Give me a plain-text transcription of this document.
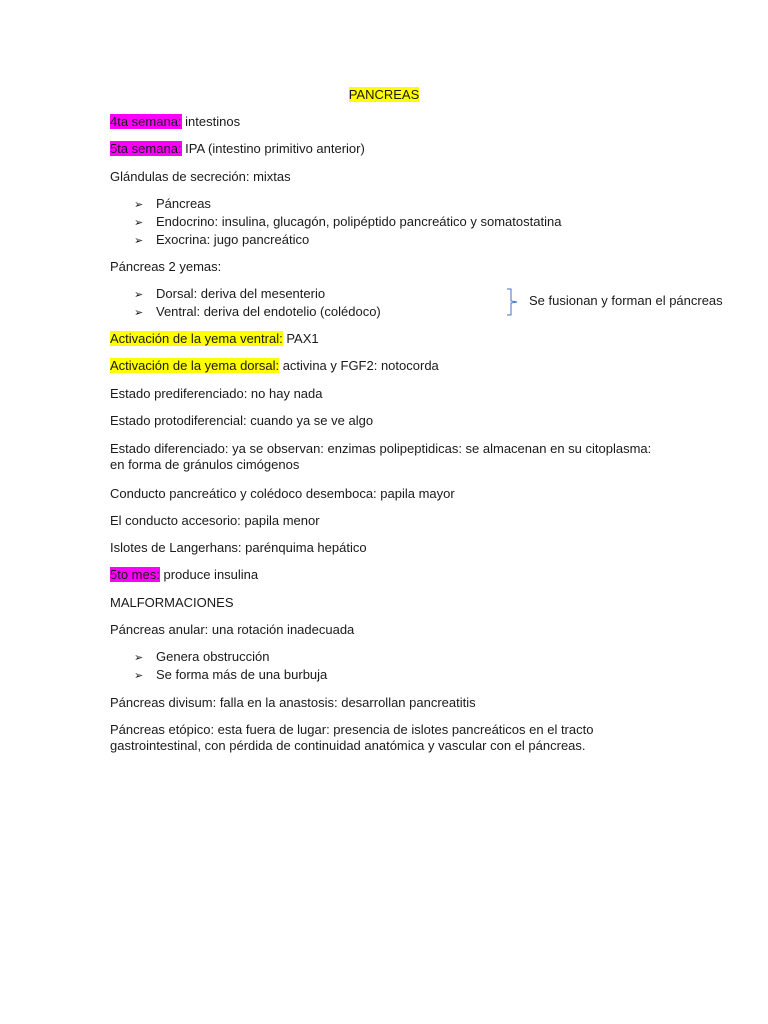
PANCREAS
4ta semana: intestinos
5ta semana: IPA (intestino primitivo anterior)
Glándulas de secreción: mixtas
➢ Páncreas
➢ Endocrino: insulina, glucagón, polipéptido pancreático y somatostatina
➢ Exocrina: jugo pancreático
Páncreas 2 yemas:
➢ Dorsal: deriva del mesenterio
➢ Ventral: deriva del endotelio (colédoco)
Se fusionan y forman el páncreas
Activación de la yema ventral: PAX1
Activación de la yema dorsal: activina y FGF2: notocorda
Estado prediferenciado: no hay nada
Estado protodiferencial: cuando ya se ve algo
Estado diferenciado: ya se observan: enzimas polipeptidicas: se almacenan en su citoplasma: en forma de gránulos cimógenos
Conducto pancreático y colédoco desemboca: papila mayor
El conducto accesorio: papila menor
Islotes de Langerhans: parénquima hepático
5to mes: produce insulina
MALFORMACIONES
Páncreas anular: una rotación inadecuada
➢ Genera obstrucción
➢ Se forma más de una burbuja
Páncreas divisum: falla en la anastosis: desarrollan pancreatitis
Páncreas etópico: esta fuera de lugar: presencia de islotes pancreáticos en el tracto gastrointestinal, con pérdida de continuidad anatómica y vascular con el páncreas.
